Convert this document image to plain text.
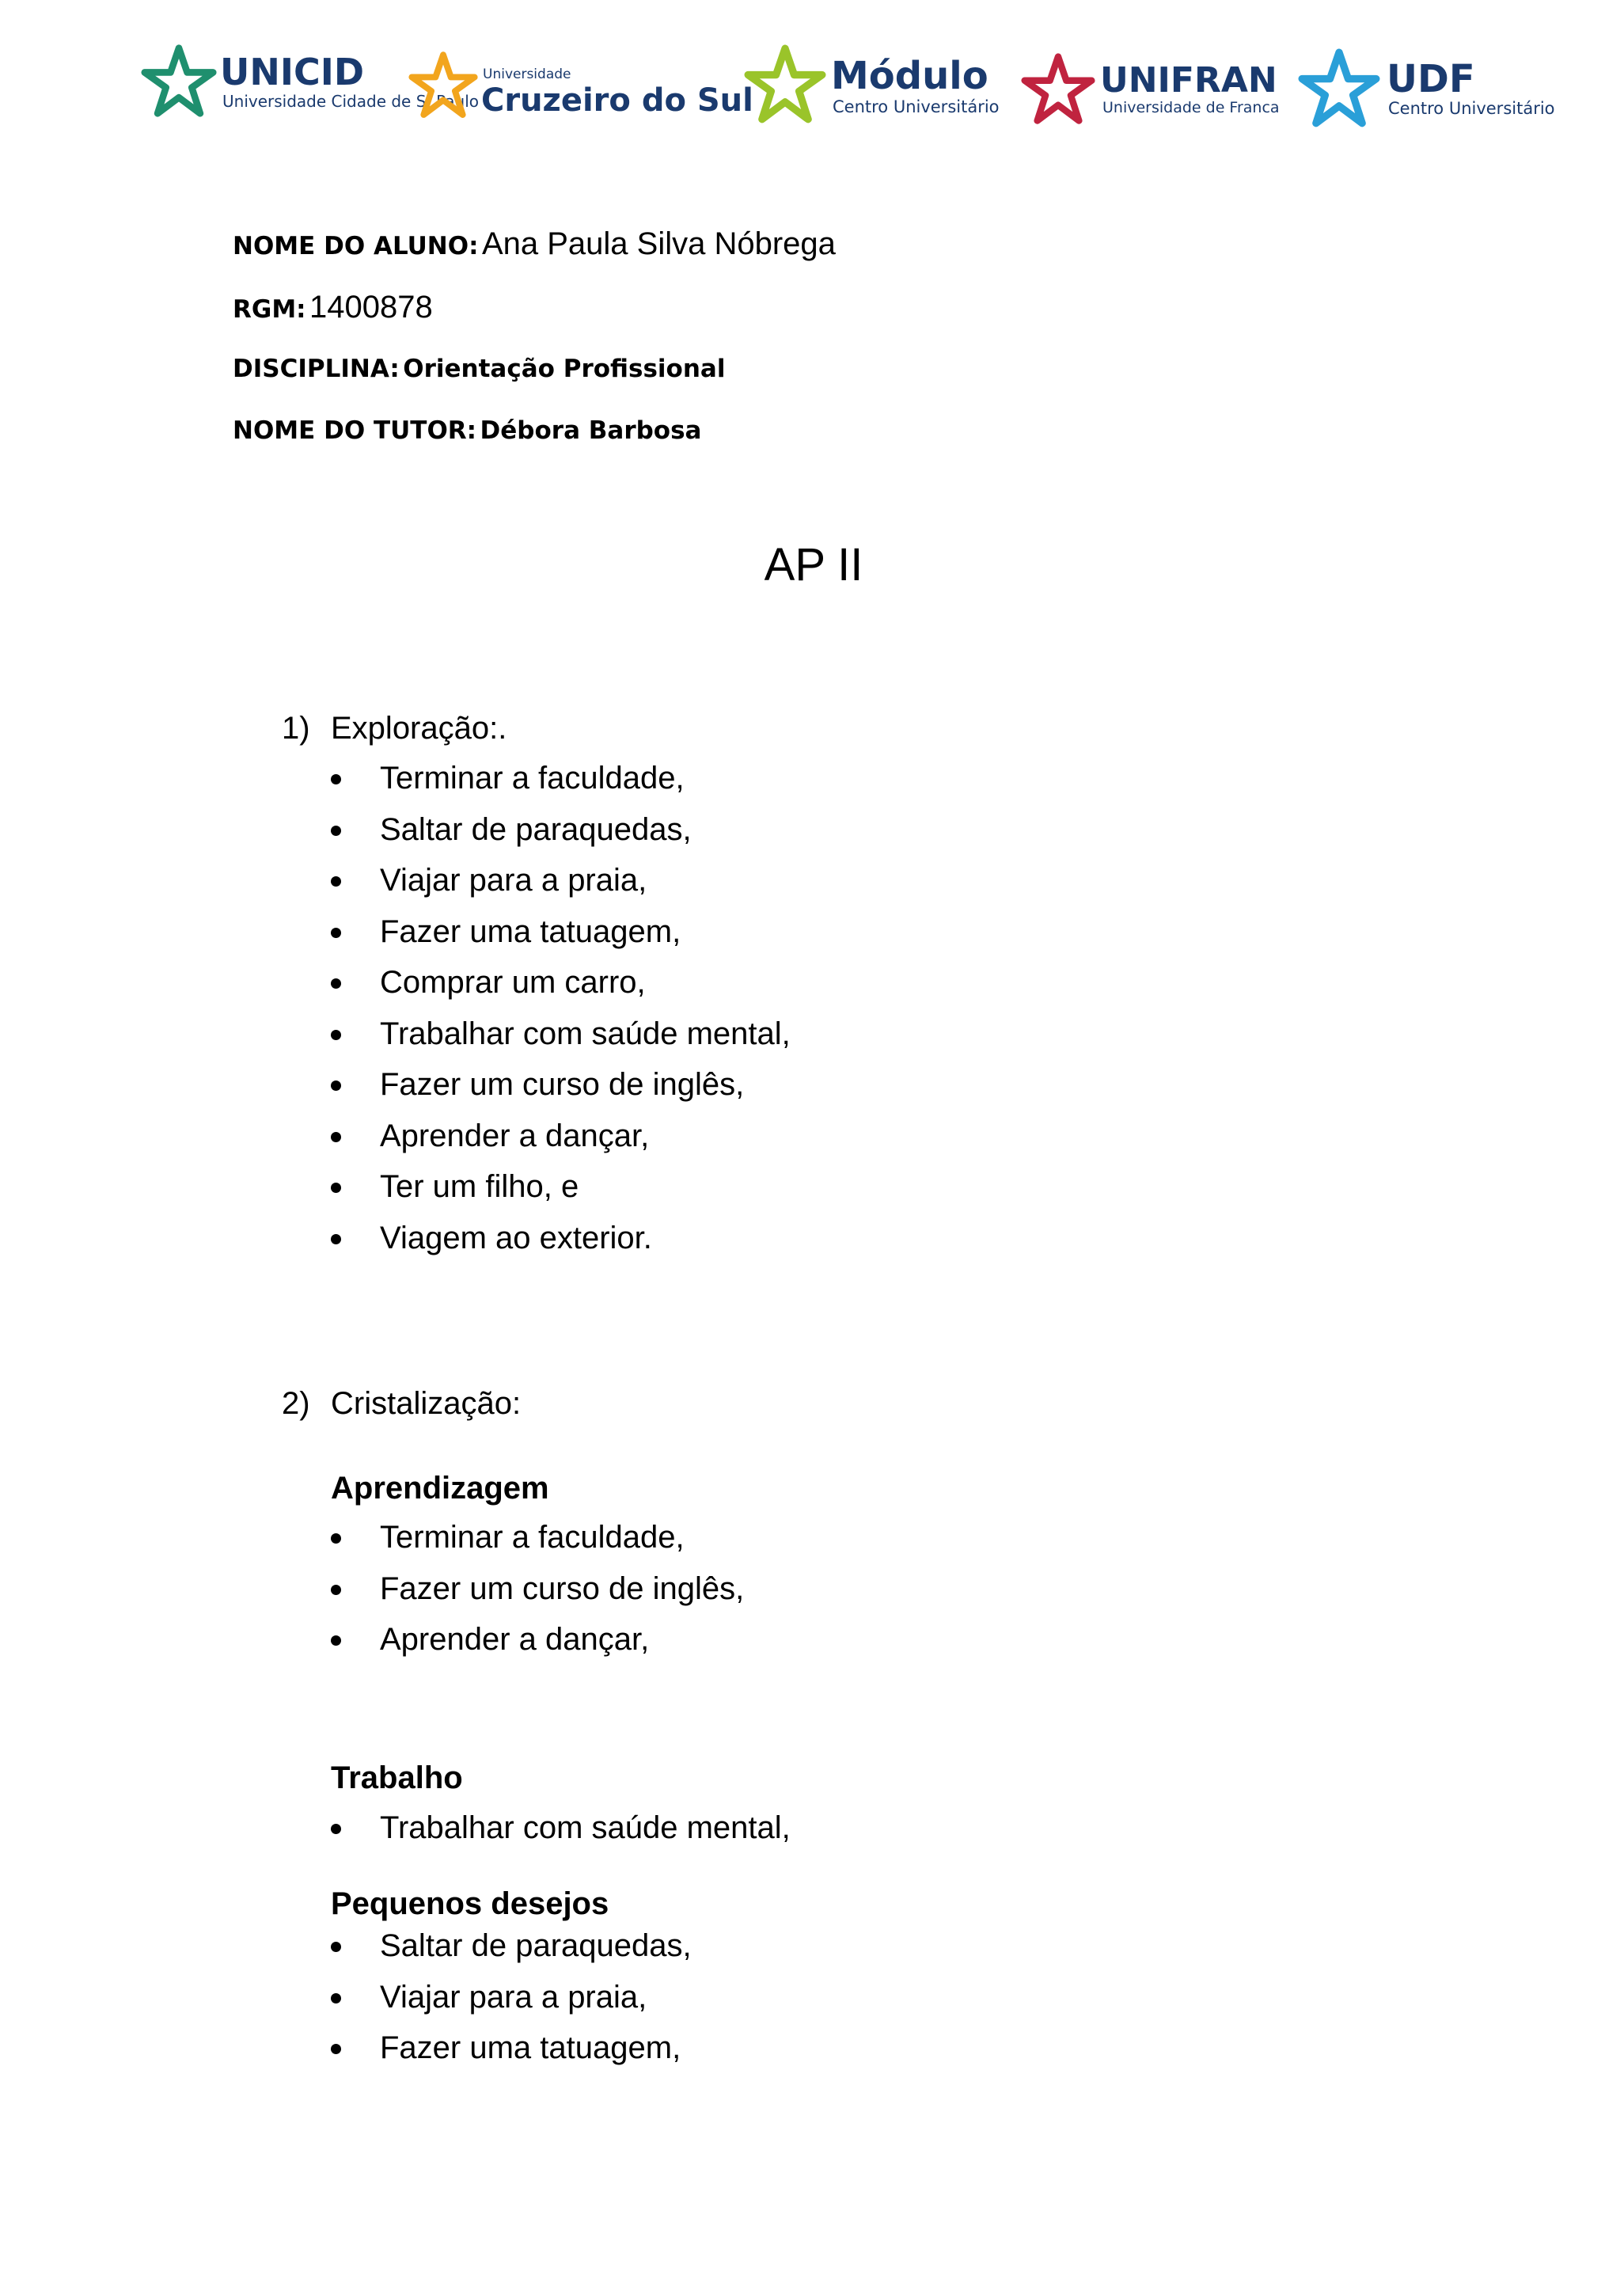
UNICID
Universidade Cidade de S. Paulo
Universidade
Cruzeiro do Sul
Módulo
Centro Universitário
UNIFRAN
Universidade de Franca
UDF
Centro Universitário
NOME DO ALUNO: Ana Paula Silva Nóbrega
RGM: 1400878
DISCIPLINA: Orientação Profissional
NOME DO TUTOR: Débora Barbosa
AP II
1) Exploração:.
Terminar a faculdade,
Saltar de paraquedas,
Viajar para a praia,
Fazer uma tatuagem,
Comprar um carro,
Trabalhar com saúde mental,
Fazer um curso de inglês,
Aprender a dançar,
Ter um filho, e
Viagem ao exterior.
2) Cristalização:
Aprendizagem
Terminar a faculdade,
Fazer um curso de inglês,
Aprender a dançar,
Trabalho
Trabalhar com saúde mental,
Pequenos desejos
Saltar de paraquedas,
Viajar para a praia,
Fazer uma tatuagem,
